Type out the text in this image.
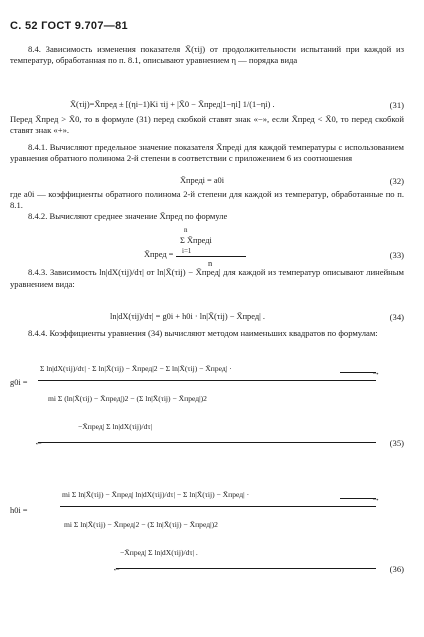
С. 52 ГОСТ 9.707—81
8.4. Зависимость изменения показателя X̄(τij) от продолжительности испытаний при каждой из температур, обработанная по п. 8.1, описывают уравнением η — порядка вида
X̄(τij)=X̄пред ± [(ηi−1)Ki τij + |X̄0 − X̄пред|1−ηi] 1/(1−ηi) .	(31)
Перед X̄пред > X̄0, то в формуле (31) перед скобкой ставят знак «−», если X̄пред < X̄0, то перед скобкой ставят знак «+».
8.4.1. Вычисляют предельное значение показателя X̄предi для каждой температуры с использованием уравнения обратного полинома 2-й степени в соответствии с приложением 6 из соотношения
X̄предi = a0i	(32)
где a0i — коэффициенты обратного полинома 2-й степени для каждой из температур, обработанные по п. 8.1.
8.4.2. Вычисляют среднее значение X̄пред по формуле
X̄пред =
n
Σ X̄предi
i=1
n
(33)
8.4.3. Зависимость ln|dX(τij)/dτ| от ln|X̄(τij) − X̄пред| для каждой из температур описывают линейным уравнением вида:
ln|dX(τij)/dτ| = g0i + h0i · ln|X̄(τij) − X̄пред| .	(34)
8.4.4. Коэффициенты уравнения (34) вычисляют методом наименьших квадратов по формулам:
g0i =
Σ ln|dX(τij)/dτ| · Σ ln|X̄(τij) − X̄пред|2 − Σ ln|X̄(τij) − X̄пред| ·
→
mi Σ (ln|X̄(τij) − X̄пред|)2 − (Σ ln|X̄(τij) − X̄пред|)2
−X̄пред| Σ ln|dX(τij)/dτ|
←
(35)
h0i =
mi Σ ln|X̄(τij) − X̄пред| ln|dX(τij)/dτ| − Σ ln|X̄(τij) − X̄пред| ·
→
mi Σ ln|X̄(τij) − X̄пред|2 − (Σ ln|X̄(τij) − X̄пред|)2
−X̄пред| Σ ln|dX(τij)/dτ| .
←
(36)
